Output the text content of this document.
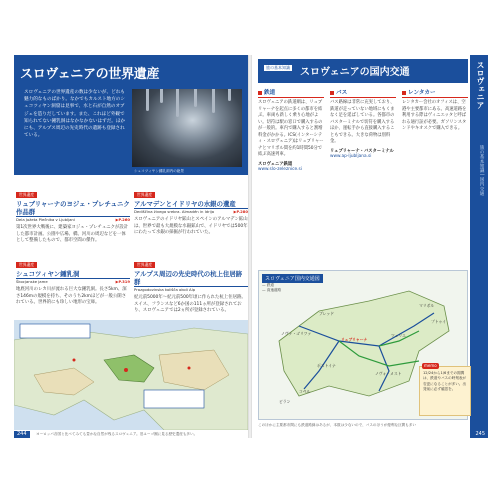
スロヴェニアの世界遺産
スロヴェニアの世界遺産の数は少ないが、どれも魅力的なものばかり。なかでもカルスト地方のシュコツィヤン洞窟は見事で、水と石が自然のオブジェを造りだしています。また、これほど外観で知られてない鍾乳洞はなかなかないはずだ。ほかにも、アルプス周辺の先史時代の遺跡も登録されている。
シュコツィヤン鍾乳洞内の絶景
世界遺産
リュブリャーナのヨジェ・プレチュニク作品群
Dela Jožeta Plečnika v Ljubljani	▶P.260
第1次世界大戦後に、建築家ヨジェ・プレチュニクが設計した都市計画。公園や広場、橋、河川の周辺などを一体として整備したもので、都市空間の傑作。
世界遺産
アルマデンとイドリヤの水銀の遺産
Dediščina živega srebra. Almadén in Idrija	▶P.280
スロヴェニアのイドリヤ鉱山とスペインのアルマデン鉱山は、世界で最も大規模な水銀鉱山で、イドリヤでは500年にわたって水銀の採掘が行われていた。
世界遺産
シュコツィヤン鍾乳洞
Škocjanske jame	▶P.319
地底河川のレカ川が流れる巨大な鍾乳洞。長さ5km、深さ146mの規模を持ち、そのうち2kmほどが一般公開されている。世界的にも珍しい地形の宝庫。
世界遺産
アルプス周辺の先史時代の杭上住居跡群
Prazgodovinska kolišča okoli Alp
紀元前5000年〜紀元前500年頃に作られた杭上住居跡。スイス、フランスなど6か国の111ヵ所が登録されており、スロヴェニアでは2ヵ所が登録されている。
244	ヨーロッパ各国と比べてみても豊かな自然が残るスロヴェニア。旧ユーゴ圏に見る歴史遺産も多い。
旅の基本知識 スロヴェニアの国内交通	スロヴェニア
旅の基本知識 | 国内交通
鉄道
スロヴェニアの鉄道網は、リュブリャーナを起点に多くの都市を結ぶ。車両も新しく乗り心地がよい。切符は駅の窓口で購入するのが一般的。車内で購入すると割増料金がかかる。ICS(インターシティ・スロヴェニア)はリュブリャーナとマリボル間を約1時間50分で結ぶ高速列車。
スロヴェニア鉄道
www.slo-zeleznice.si
バス
バス路線は非常に充実しており、鉄道が走っていない地域にもくまなく足を延ばしている。各都市のバスターミナルで切符を購入するほか、運転手から直接購入することもできる。大きな荷物は別料金。
リュブリャーナ・バスターミナル
www.ap-ljubljana.si
レンタカー
レンタカー会社のオフィスは、空港や主要都市にある。高速道路を利用する際はヴィニエッタと呼ばれる通行証が必要。ガソリンスタンドやキオスクで購入できる。
スロヴェニア国内交通図
— 鉄道
— 高速道路
リュブリャーナ
マリボル
ツェリエ
コペル
ノヴァ・ゴリツァ
ポストイナ
ブレッド
プトゥイ
ノヴォ・メスト
ピラン
memo
12/24から1/6までの期間は、鉄道やバスの時刻表が変更になることが多い。出発前に必ず確認を。
このほかに主要都市間にも鉄道路線はあるが、本数は少ないので、バスのほうが便利な区間も多い
245
